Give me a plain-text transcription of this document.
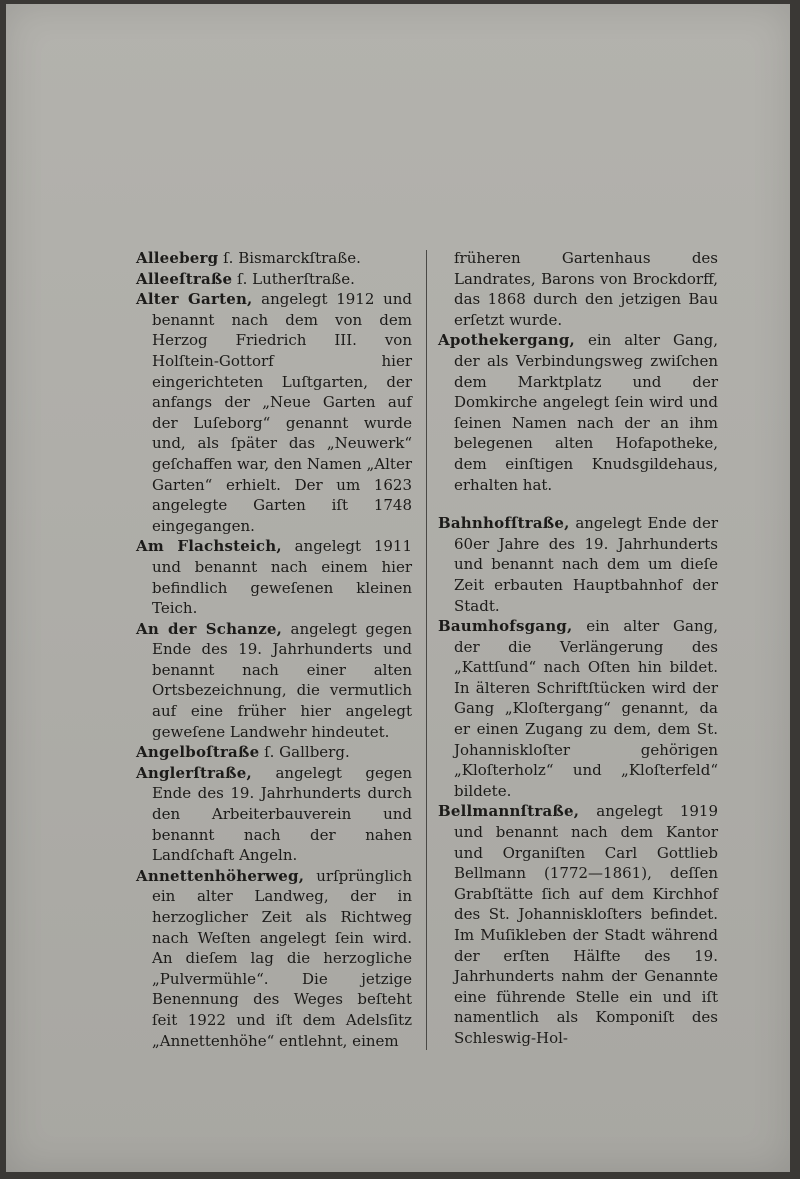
Alleeberg ſ. Bismarckſtraße.

Alleeſtraße ſ. Lutherſtraße.

Alter Garten, angelegt 1912 und benannt nach dem von dem Herzog Friedrich III. von Holſtein-Gottorf hier eingerichteten Luſtgarten, der anfangs der „Neue Garten auf der Luſeborg“ genannt wurde und, als ſpäter das „Neuwerk“ geſchaffen war, den Namen „Alter Garten“ erhielt. Der um 1623 angelegte Garten iſt 1748 eingegangen.

Am Flachsteich, angelegt 1911 und benannt nach einem hier befindlich geweſenen kleinen Teich.

An der Schanze, angelegt gegen Ende des 19. Jahrhunderts und benannt nach einer alten Ortsbezeichnung, die vermutlich auf eine früher hier angelegt geweſene Landwehr hindeutet.

Angelboſtraße ſ. Gallberg.

Anglerſtraße, angelegt gegen Ende des 19. Jahrhunderts durch den Arbeiterbauverein und benannt nach der nahen Landſchaft Angeln.

Annettenhöherweg, urſprünglich ein alter Landweg, der in herzoglicher Zeit als Richtweg nach Weſten angelegt ſein wird. An dieſem lag die herzogliche „Pulvermühle“. Die jetzige Benennung des Weges beſteht ſeit 1922 und iſt dem Adelsſitz „Annettenhöhe“ entlehnt, einem

früheren Gartenhaus des Landrates, Barons von Brockdorff, das 1868 durch den jetzigen Bau erſetzt wurde.

Apothekergang, ein alter Gang, der als Verbindungsweg zwiſchen dem Marktplatz und der Domkirche angelegt ſein wird und ſeinen Namen nach der an ihm belegenen alten Hofapotheke, dem einſtigen Knudsgildehaus, erhalten hat.

Bahnhofſtraße, angelegt Ende der 60er Jahre des 19. Jahrhunderts und benannt nach dem um dieſe Zeit erbauten Hauptbahnhof der Stadt.

Baumhofsgang, ein alter Gang, der die Verlängerung des „Kattſund“ nach Oſten hin bildet. In älteren Schriftſtücken wird der Gang „Kloſtergang“ genannt, da er einen Zugang zu dem, dem St. Johanniskloſter gehörigen „Kloſterholz“ und „Kloſterfeld“ bildete.

Bellmannſtraße, angelegt 1919 und benannt nach dem Kantor und Organiſten Carl Gottlieb Bellmann (1772—1861), deſſen Grabſtätte ſich auf dem Kirchhof des St. Johanniskloſters befindet. Im Muſikleben der Stadt während der erſten Hälfte des 19. Jahrhunderts nahm der Genannte eine führende Stelle ein und iſt namentlich als Komponiſt des Schleswig-Hol-
